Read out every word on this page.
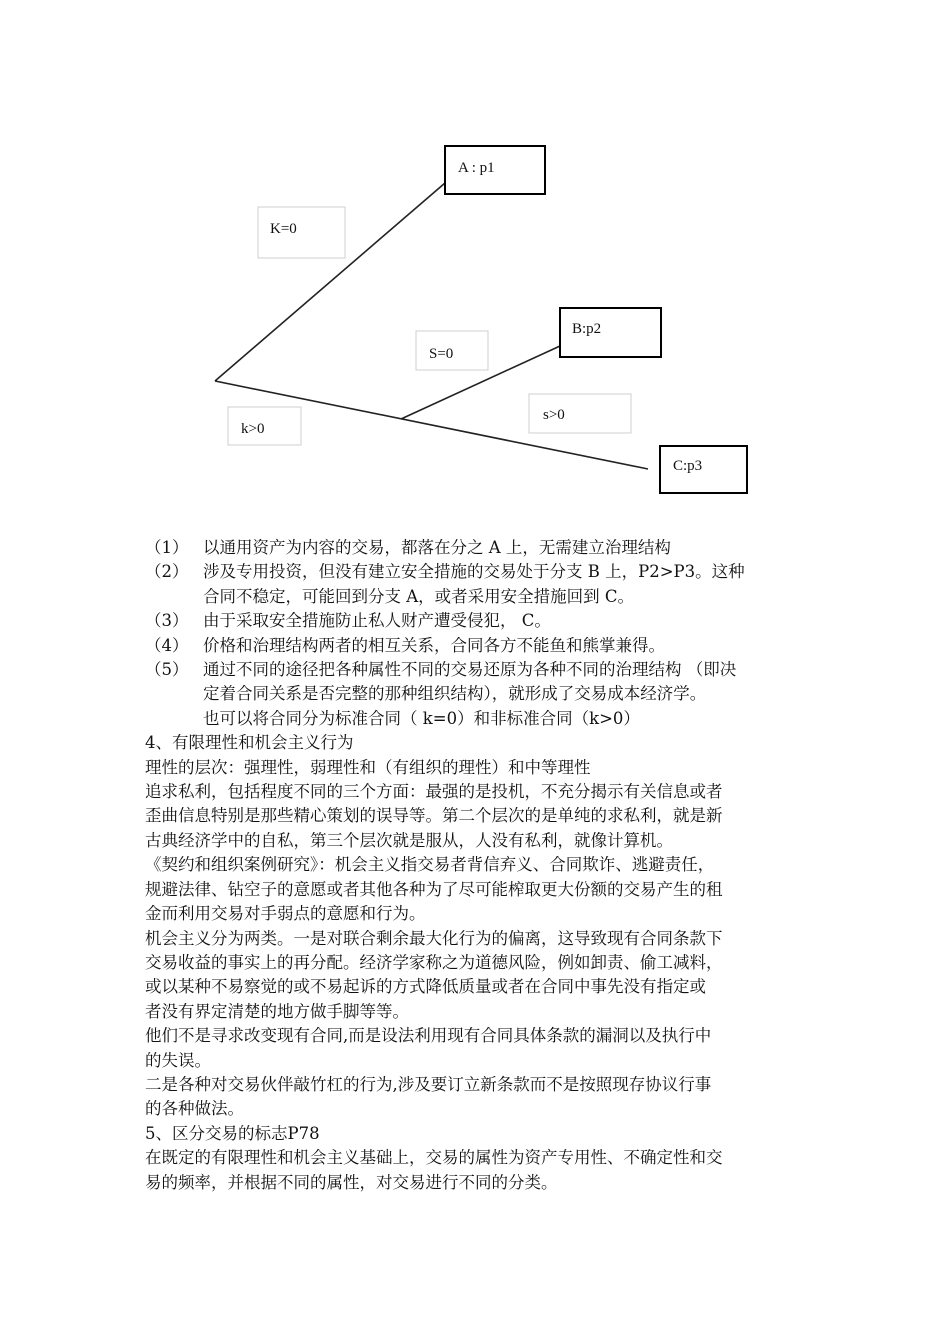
A : p1
B:p2
C:p3
K=0
S=0
k>0
s>0
（1） 以通用资产为内容的交易，都落在分之 A 上，无需建立治理结构
（2） 涉及专用投资，但没有建立安全措施的交易处于分支 B 上，P2>P3。这种
合同不稳定，可能回到分支 A，或者采用安全措施回到 C。
（3） 由于采取安全措施防止私人财产遭受侵犯， C。
（4） 价格和治理结构两者的相互关系，合同各方不能鱼和熊掌兼得。
（5） 通过不同的途径把各种属性不同的交易还原为各种不同的治理结构 （即决
定着合同关系是否完整的那种组织结构），就形成了交易成本经济学。
也可以将合同分为标准合同（ k=0）和非标准合同（k>0）
4、有限理性和机会主义行为
理性的层次：强理性，弱理性和（有组织的理性）和中等理性
追求私利，包括程度不同的三个方面：最强的是投机，不充分揭示有关信息或者
歪曲信息特别是那些精心策划的误导等。第二个层次的是单纯的求私利，就是新
古典经济学中的自私，第三个层次就是服从，人没有私利，就像计算机。
《契约和组织案例研究》：机会主义指交易者背信弃义、合同欺诈、逃避责任，
规避法律、钻空子的意愿或者其他各种为了尽可能榨取更大份额的交易产生的租
金而利用交易对手弱点的意愿和行为。
机会主义分为两类。一是对联合剩余最大化行为的偏离，这导致现有合同条款下
交易收益的事实上的再分配。经济学家称之为道德风险，例如卸责、偷工减料，
或以某种不易察觉的或不易起诉的方式降低质量或者在合同中事先没有指定或
者没有界定清楚的地方做手脚等等。
他们不是寻求改变现有合同,而是设法利用现有合同具体条款的漏洞以及执行中
的失误。
二是各种对交易伙伴敲竹杠的行为,涉及要订立新条款而不是按照现存协议行事
的各种做法。
5、区分交易的标志P78
在既定的有限理性和机会主义基础上，交易的属性为资产专用性、不确定性和交
易的频率，并根据不同的属性，对交易进行不同的分类。
